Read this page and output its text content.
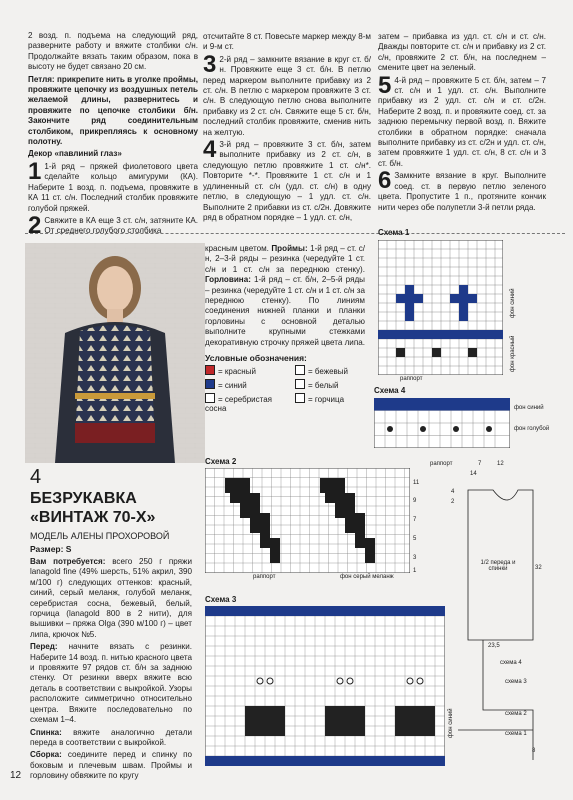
2 возд. п. подъема на следующий ряд, разверните работу и вяжите столбики с/н. Продолжайте вязать таким образом, пока в высоту не будет связано 20 см.

Петля: прикрепите нить в уголке проймы, провяжите цепочку из воздушных петель желаемой длины, развернитесь и провяжите по цепочке столбики б/н. Закончите ряд соединительным столбиком, прикрепляясь к основному полотну.

Декор «павлиний глаз»

1 1-й ряд – пряжей фиолетового цвета сделайте кольцо амигуруми (КА). Наберите 1 возд. п. подъема, провяжите в КА 11 ст. с/н. Последний столбик провяжите голубой пряжей.
2 Свяжите в КА еще 3 ст. с/н, затяните КА. От среднего голубого столбика
отсчитайте 8 ст. Повесьте маркер между 8-м и 9-м ст.
3 2-й ряд – замкните вязание в круг ст. б/н. Провяжите еще 3 ст. б/н. В петлю перед маркером выполните прибавку из 2 ст. с/н. В петлю с маркером провяжите 3 ст. с/н. В следующую петлю снова выполните прибавку из 2 ст. с/н. Свяжите еще 5 ст. б/н, последний столбик провяжите, сменив нить на желтую.
4 3-й ряд – провяжите 3 ст. б/н, затем выполните прибавку из 2 ст. с/н, в следующую петлю провяжите 1 ст. с/н*. Повторите *-*. Провяжите 1 ст. с/н и 1 удлиненный ст. с/н (удл. ст. с/н) в одну петлю, в следующую – 1 удл. ст. с/н. Выполните 2 прибавки из ст. с/2н. Довяжите ряд в обратном порядке – 1 удл. ст. с/н,
затем – прибавка из удл. ст. с/н и ст. с/н. Дважды повторите ст. с/н и прибавку из 2 ст. с/н, провяжите 2 ст. б/н, на последнем – смените цвет на зеленый.
5 4-й ряд – провяжите 5 ст. б/н, затем – 7 ст. с/н и 1 удл. ст. с/н. Выполните прибавку из 2 удл. ст. с/н и ст. с/2н. Наберите 2 возд. п. и провяжите соед. ст. за заднюю перемычку первой возд. п. Вяжите столбики в обратном порядке: сначала выполните прибавку из ст. с/2н и удл. ст. с/н, затем провяжите 1 удл. ст. с/н, 8 ст. с/н и 3 ст. б/н.
6 Замкните вязание в круг. Выполните соед. ст. в первую петлю зеленого цвета. Пропустите 1 п., протяните кончик нити через обе полупетли 3-й петли ряда.
4
БЕЗРУКАВКА
«ВИНТАЖ 70-Х»
МОДЕЛЬ АЛЕНЫ ПРОХОРОВОЙ
Размер: S

Вам потребуется: всего 250 г пряжи lanagold fine (49% шерсть, 51% акрил, 390 м/100 г) следующих оттенков: красный, синий, серый меланж, голубой меланж, серебристая сосна, бежевый, белый, горчица (lanagold 800 в 2 нити), для вышивки – пряжа Olga (390 м/100 г) – цвет липа, крючок №5.

Перед: начните вязать с резинки. Наберите 14 возд. п. нитью красного цвета и провяжите 97 рядов ст. б/н за заднюю стенку. От резинки вверх вяжите всю деталь в соответствии с выкройкой. Узоры расположите симметрично относительно центра. Вяжите последовательно по схемам 1–4.

Спинка: вяжите аналогично детали переда в соответствии с выкройкой.

Сборка: соедините перед и спинку по боковым и плечевым швам. Проймы и горловину обвяжите по кругу

красным цветом. Проймы: 1-й ряд – ст. с/н, 2–3-й ряды – резинка (чередуйте 1 ст. с/н и 1 ст. с/н за переднюю стенку). Горловина: 1-й ряд – ст. б/н, 2–5-й ряды – резинка (чередуйте 1 ст. с/н и 1 ст. с/н за переднюю стенку). По линиям соединения нижней планки и планки горловины с основной деталью выполните крупными стежками декоративную строчку пряжей цвета липа.
Условные обозначения:
= красный	= бежевый
= синий	= белый
= серебристая сосна
= горчица
Схема 1
Схема 4
Схема 2
Схема 3
раппорт
раппорт
раппорт	фон серый меланж
фон синий
фон красный
фон синий
фон голубой
фон синий
11
9
7
5
3
1
7	12
14
4
2
1/2 переда и спинки	32
23,5
схема 4
схема 3
схема 2
схема 1
8
12
